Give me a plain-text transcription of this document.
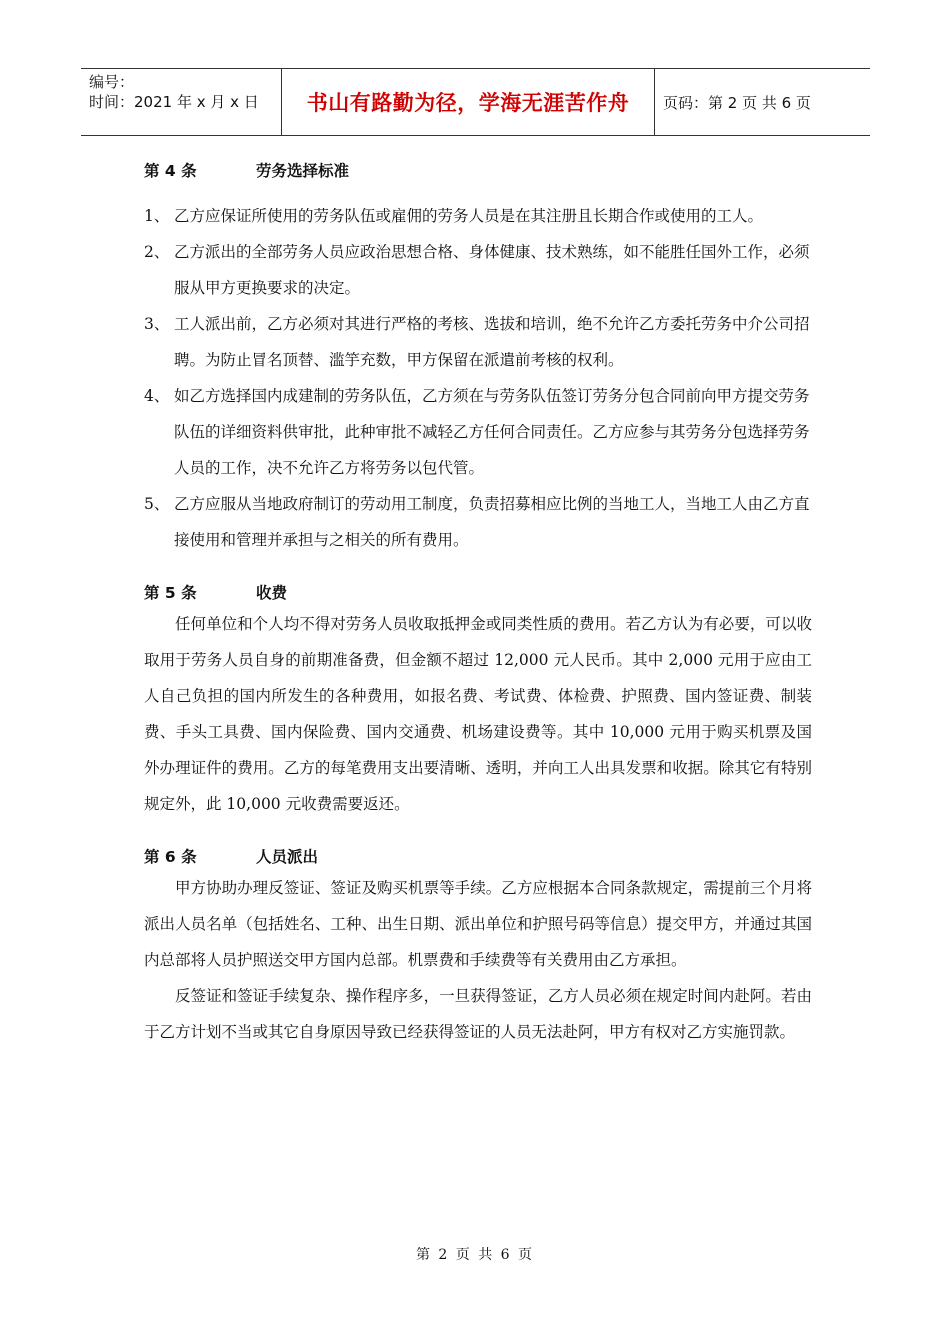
编号：
时间：2021 年 x 月 x 日	书山有路勤为径，学海无涯苦作舟	页码：第 2 页 共 6 页
第 4 条	劳务选择标准
1、 乙方应保证所使用的劳务队伍或雇佣的劳务人员是在其注册且长期合作或使用的工人。
2、 乙方派出的全部劳务人员应政治思想合格、身体健康、技术熟练，如不能胜任国外工作，必须服从甲方更换要求的决定。
3、 工人派出前，乙方必须对其进行严格的考核、选拔和培训，绝不允许乙方委托劳务中介公司招聘。为防止冒名顶替、滥竽充数，甲方保留在派遣前考核的权利。
4、 如乙方选择国内成建制的劳务队伍，乙方须在与劳务队伍签订劳务分包合同前向甲方提交劳务队伍的详细资料供审批，此种审批不减轻乙方任何合同责任。乙方应参与其劳务分包选择劳务人员的工作，决不允许乙方将劳务以包代管。
5、 乙方应服从当地政府制订的劳动用工制度，负责招募相应比例的当地工人，当地工人由乙方直接使用和管理并承担与之相关的所有费用。
第 5 条	收费
任何单位和个人均不得对劳务人员收取抵押金或同类性质的费用。若乙方认为有必要，可以收取用于劳务人员自身的前期准备费，但金额不超过 12,000 元人民币。其中 2,000 元用于应由工人自己负担的国内所发生的各种费用，如报名费、考试费、体检费、护照费、国内签证费、制装费、手头工具费、国内保险费、国内交通费、机场建设费等。其中 10,000 元用于购买机票及国外办理证件的费用。乙方的每笔费用支出要清晰、透明，并向工人出具发票和收据。除其它有特别规定外，此 10,000 元收费需要返还。
第 6 条	人员派出
甲方协助办理反签证、签证及购买机票等手续。乙方应根据本合同条款规定，需提前三个月将派出人员名单（包括姓名、工种、出生日期、派出单位和护照号码等信息）提交甲方，并通过其国内总部将人员护照送交甲方国内总部。机票费和手续费等有关费用由乙方承担。
反签证和签证手续复杂、操作程序多，一旦获得签证，乙方人员必须在规定时间内赴阿。若由于乙方计划不当或其它自身原因导致已经获得签证的人员无法赴阿，甲方有权对乙方实施罚款。
第 2 页 共 6 页
